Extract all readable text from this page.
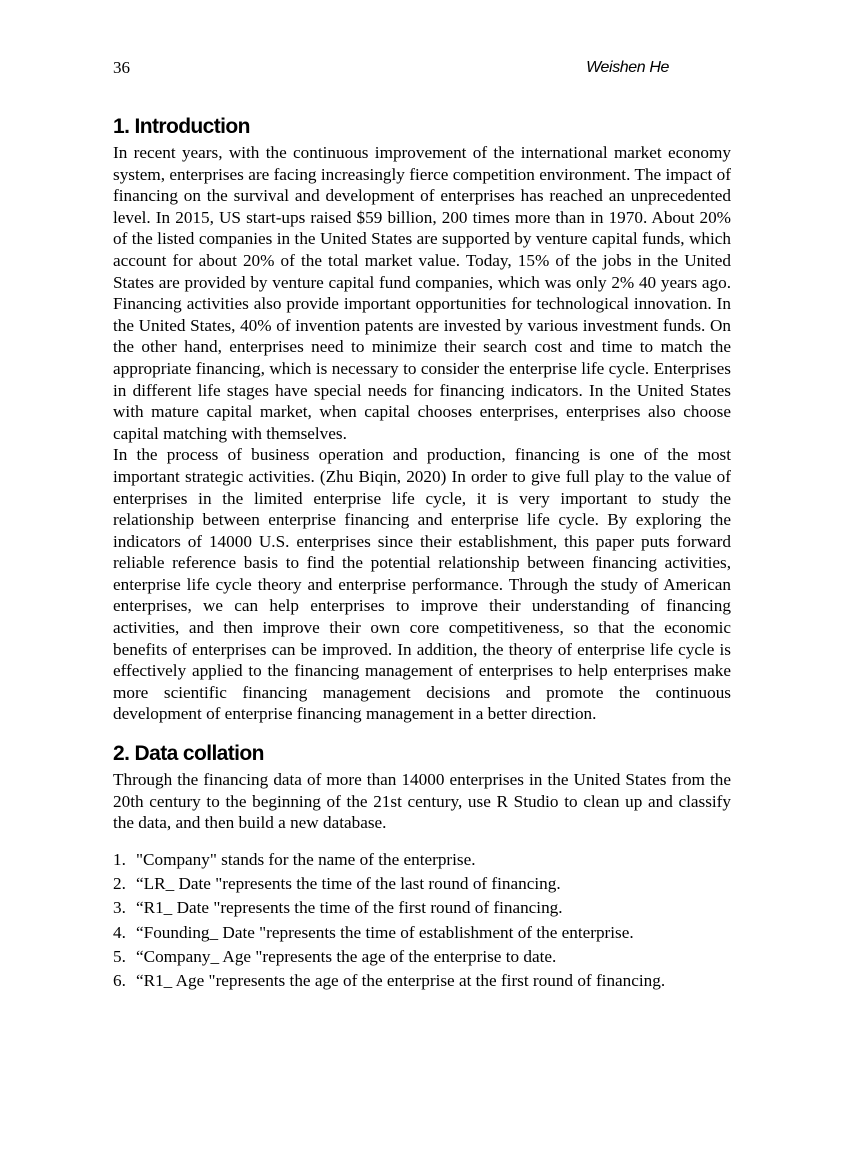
36	Weishen He
1. Introduction

In recent years, with the continuous improvement of the international market economy system, enterprises are facing increasingly fierce competition environment. The impact of financing on the survival and development of enterprises has reached an unprecedented level. In 2015, US start-ups raised $59 billion, 200 times more than in 1970. About 20% of the listed companies in the United States are supported by venture capital funds, which account for about 20% of the total market value. Today, 15% of the jobs in the United States are provided by venture capital fund companies, which was only 2% 40 years ago. Financing activities also provide important opportunities for technological innovation. In the United States, 40% of invention patents are invested by various investment funds. On the other hand, enterprises need to minimize their search cost and time to match the appropriate financing, which is necessary to consider the enterprise life cycle. Enterprises in different life stages have special needs for financing indicators. In the United States with mature capital market, when capital chooses enterprises, enterprises also choose capital matching with themselves.

In the process of business operation and production, financing is one of the most important strategic activities. (Zhu Biqin, 2020) In order to give full play to the value of enterprises in the limited enterprise life cycle, it is very important to study the relationship between enterprise financing and enterprise life cycle. By exploring the indicators of 14000 U.S. enterprises since their establishment, this paper puts forward reliable reference basis to find the potential relationship between financing activities, enterprise life cycle theory and enterprise performance. Through the study of American enterprises, we can help enterprises to improve their understanding of financing activities, and then improve their own core competitiveness, so that the economic benefits of enterprises can be improved. In addition, the theory of enterprise life cycle is effectively applied to the financing management of enterprises to help enterprises make more scientific financing management decisions and promote the continuous development of enterprise financing management in a better direction.

2. Data collation

Through the financing data of more than 14000 enterprises in the United States from the 20th century to the beginning of the 21st century, use R Studio to clean up and classify the data, and then build a new database.

1. "Company" stands for the name of the enterprise.
2. “LR_ Date "represents the time of the last round of financing.
3. “R1_ Date "represents the time of the first round of financing.
4. “Founding_ Date "represents the time of establishment of the enterprise.
5. “Company_ Age "represents the age of the enterprise to date.
6. “R1_ Age "represents the age of the enterprise at the first round of financing.
